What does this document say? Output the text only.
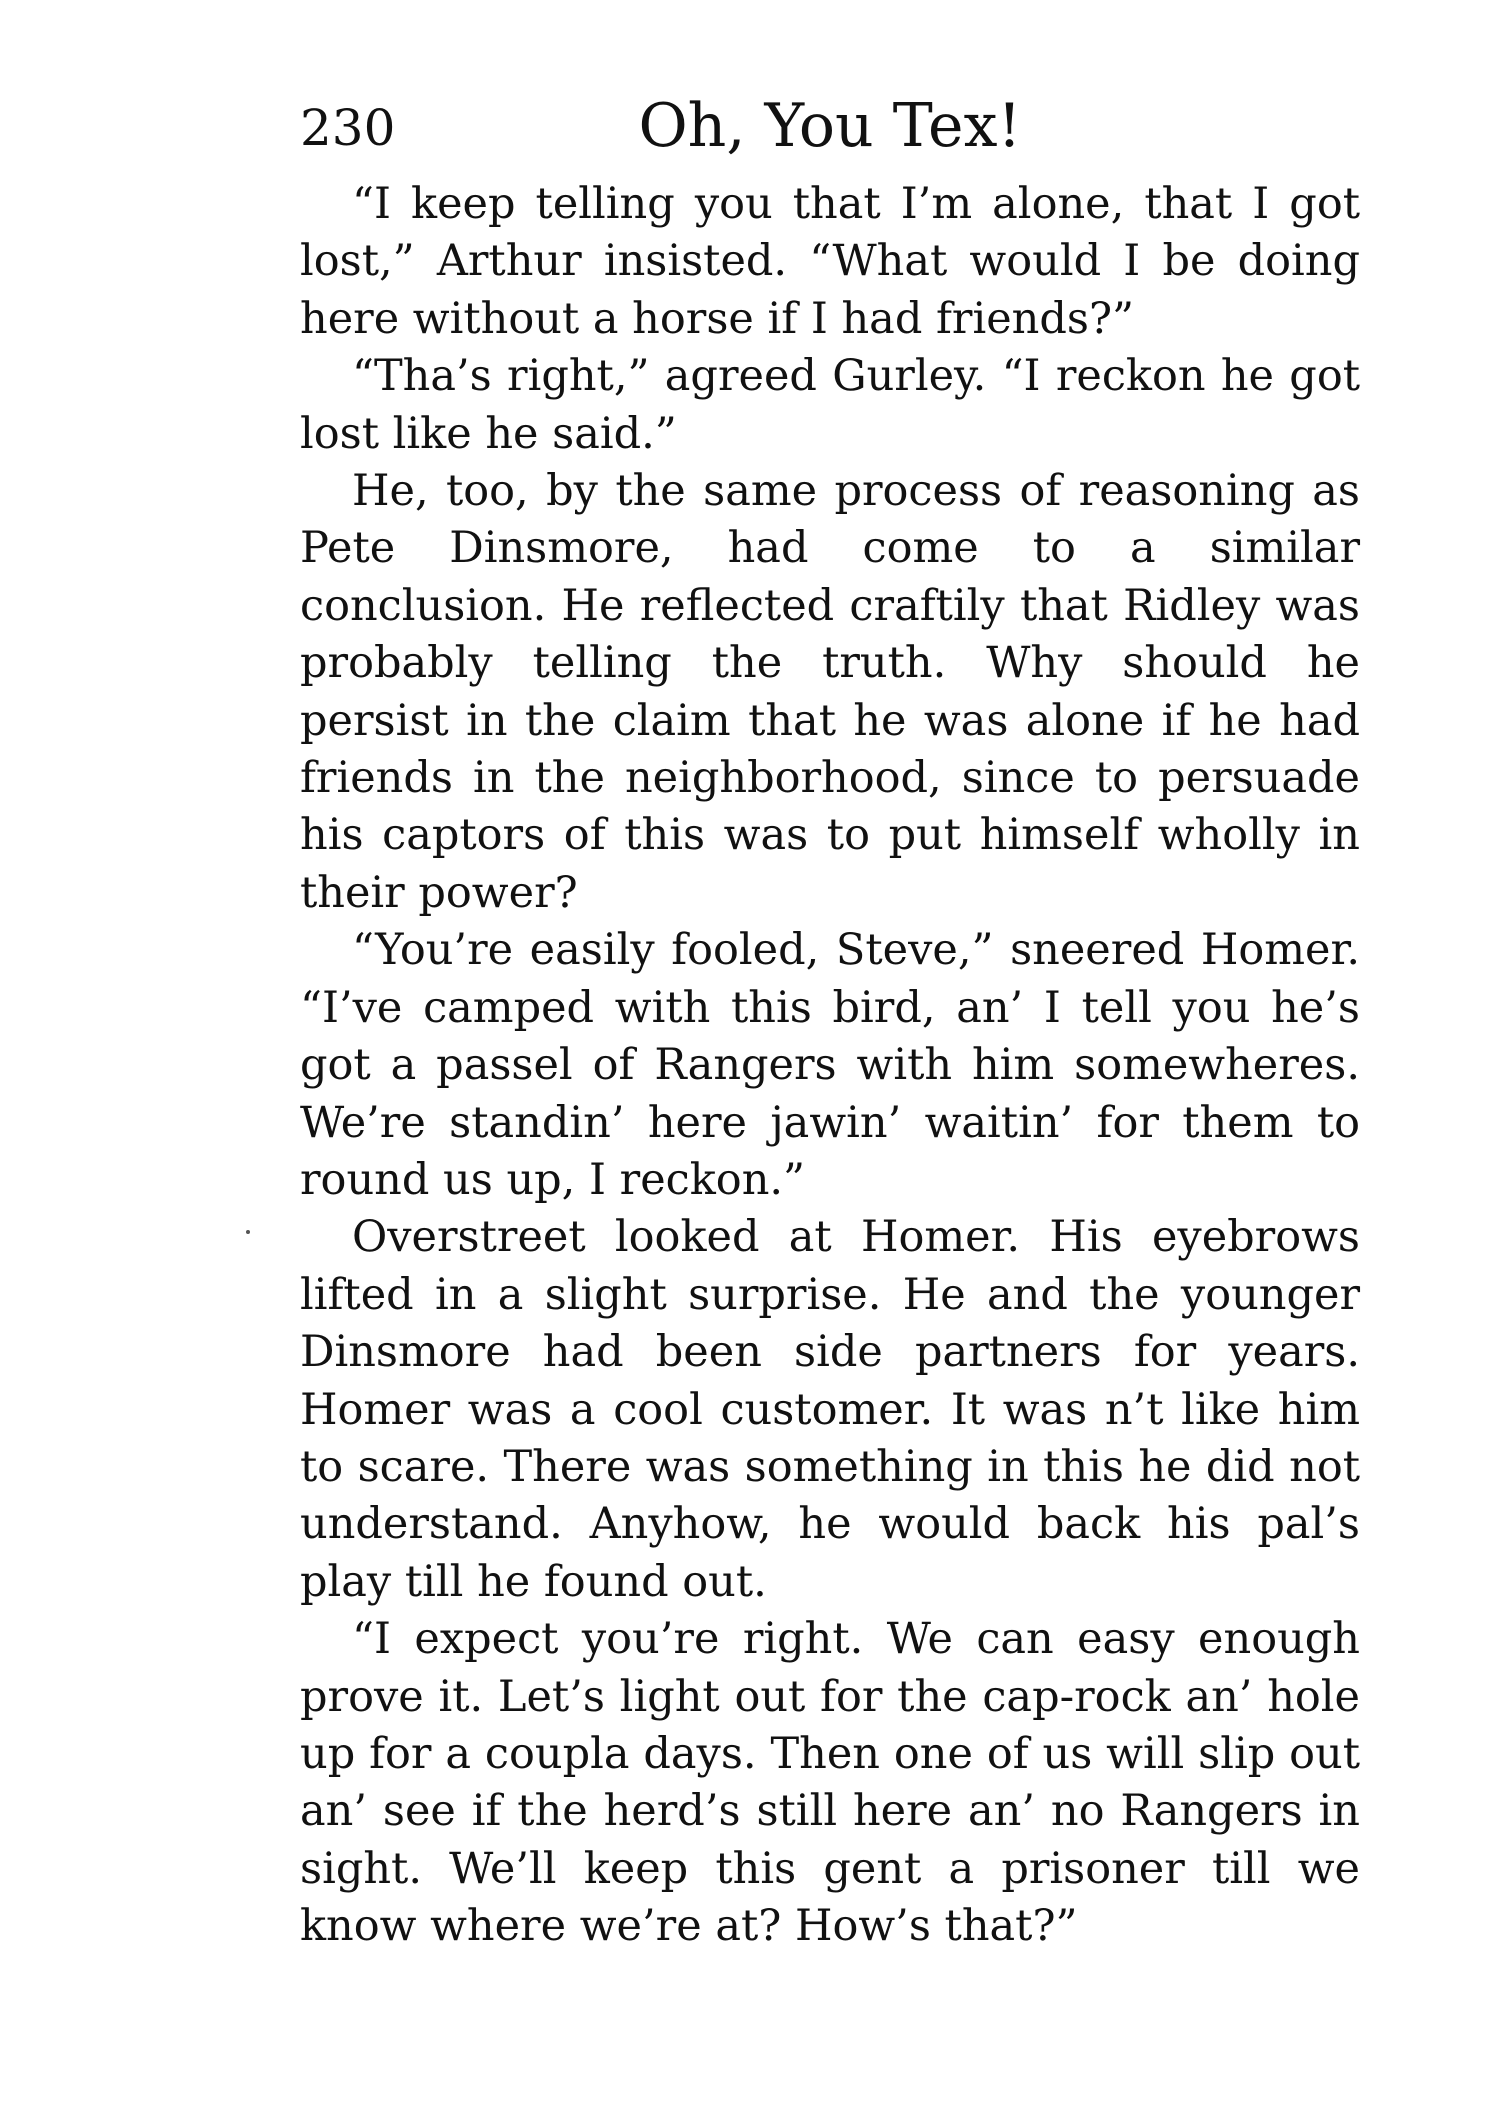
230	Oh, You Tex!

“I keep telling you that I’m alone, that I got lost,” Arthur insisted. “What would I be doing here without a horse if I had friends?”

“Tha’s right,” agreed Gurley. “I reckon he got lost like he said.”

He, too, by the same process of reasoning as Pete Dinsmore, had come to a similar conclusion. He reflected craftily that Ridley was probably telling the truth. Why should he persist in the claim that he was alone if he had friends in the neighborhood, since to persuade his captors of this was to put himself wholly in their power?

“You’re easily fooled, Steve,” sneered Homer. “I’ve camped with this bird, an’ I tell you he’s got a passel of Rangers with him somewheres. We’re standin’ here jawin’ waitin’ for them to round us up, I reckon.”

Overstreet looked at Homer. His eyebrows lifted in a slight surprise. He and the younger Dinsmore had been side partners for years. Homer was a cool customer. It was n’t like him to scare. There was something in this he did not understand. Anyhow, he would back his pal’s play till he found out.

“I expect you’re right. We can easy enough prove it. Let’s light out for the cap-rock an’ hole up for a coupla days. Then one of us will slip out an’ see if the herd’s still here an’ no Rangers in sight. We’ll keep this gent a prisoner till we know where we’re at? How’s that?”
